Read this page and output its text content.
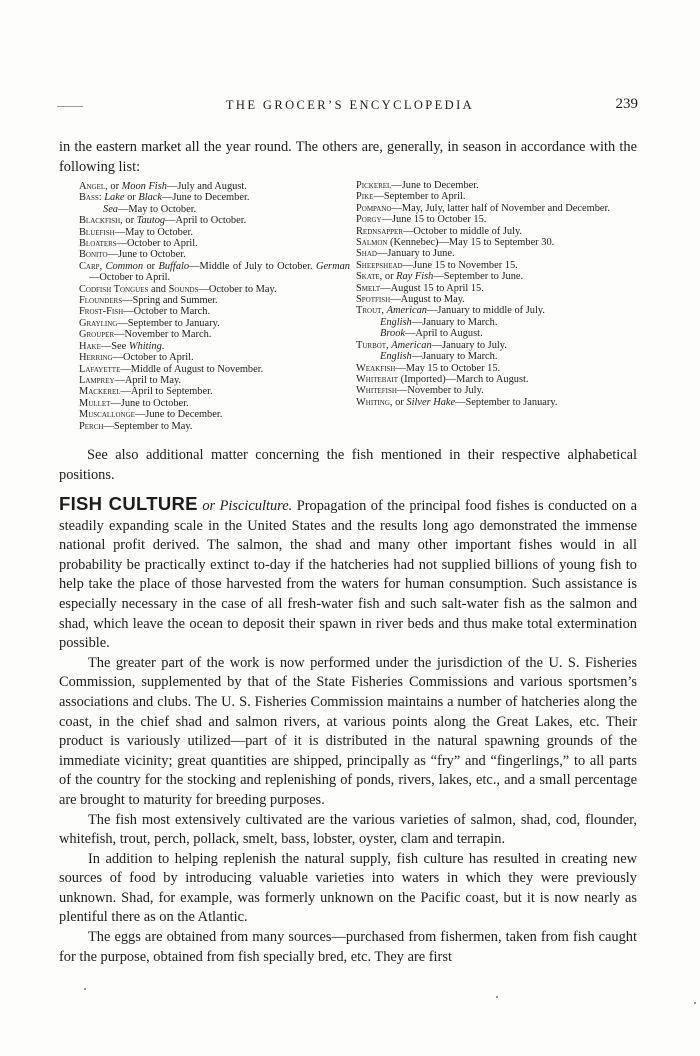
THE GROCER’S ENCYCLOPEDIA	239
in the eastern market all the year round. The others are, generally, in season in accordance with the following list:
Angel, or Moon Fish—July and August.
Bass: Lake or Black—June to December.
Sea—May to October.
Blackfish, or Tautog—April to October.
Bluefish—May to October.
Bloaters—October to April.
Bonito—June to October.
Carp, Common or Buffalo—Middle of July to October. German—October to April.
Codfish Tongues and Sounds—October to May.
Flounders—Spring and Summer.
Frost-Fish—October to March.
Grayling—September to January.
Grouper—November to March.
Hake—See Whiting.
Herring—October to April.
Lafayette—Middle of August to November.
Lamprey—April to May.
Mackerel—April to September.
Mullet—June to October.
Muscallonge—June to December.
Perch—September to May.
Pickerel—June to December.
Pike—September to April.
Pompano—May, July, latter half of November and December.
Porgy—June 15 to October 15.
Rednsapper—October to middle of July.
Salmon (Kennebec)—May 15 to September 30.
Shad—January to June.
Sheepshead—June 15 to November 15.
Skate, or Ray Fish—September to June.
Smelt—August 15 to April 15.
Spotfish—August to May.
Trout, American—January to middle of July.
English—January to March.
Brook—April to August.
Turbot, American—January to July.
English—January to March.
Weakfish—May 15 to October 15.
Whitebait (Imported)—March to August.
Whitefish—November to July.
Whiting, or Silver Hake—September to January.
See also additional matter concerning the fish mentioned in their respective alphabetical positions.

FISH CULTURE or Pisciculture. Propagation of the principal food fishes is conducted on a steadily expanding scale in the United States and the results long ago demonstrated the immense national profit derived. The salmon, the shad and many other important fishes would in all probability be practically extinct to-day if the hatcheries had not supplied billions of young fish to help take the place of those harvested from the waters for human consumption. Such assistance is especially necessary in the case of all fresh-water fish and such salt-water fish as the salmon and shad, which leave the ocean to deposit their spawn in river beds and thus make total extermination possible.

The greater part of the work is now performed under the jurisdiction of the U. S. Fisheries Commission, supplemented by that of the State Fisheries Commissions and various sportsmen’s associations and clubs. The U. S. Fisheries Commission maintains a number of hatcheries along the coast, in the chief shad and salmon rivers, at various points along the Great Lakes, etc. Their product is variously utilized—part of it is distributed in the natural spawning grounds of the immediate vicinity; great quantities are shipped, principally as “fry” and “fingerlings,” to all parts of the country for the stocking and replenishing of ponds, rivers, lakes, etc., and a small percentage are brought to maturity for breeding purposes.

The fish most extensively cultivated are the various varieties of salmon, shad, cod, flounder, whitefish, trout, perch, pollack, smelt, bass, lobster, oyster, clam and terrapin.

In addition to helping replenish the natural supply, fish culture has resulted in creating new sources of food by introducing valuable varieties into waters in which they were previously unknown. Shad, for example, was formerly unknown on the Pacific coast, but it is now nearly as plentiful there as on the Atlantic.

The eggs are obtained from many sources—purchased from fishermen, taken from fish caught for the purpose, obtained from fish specially bred, etc. They are first
